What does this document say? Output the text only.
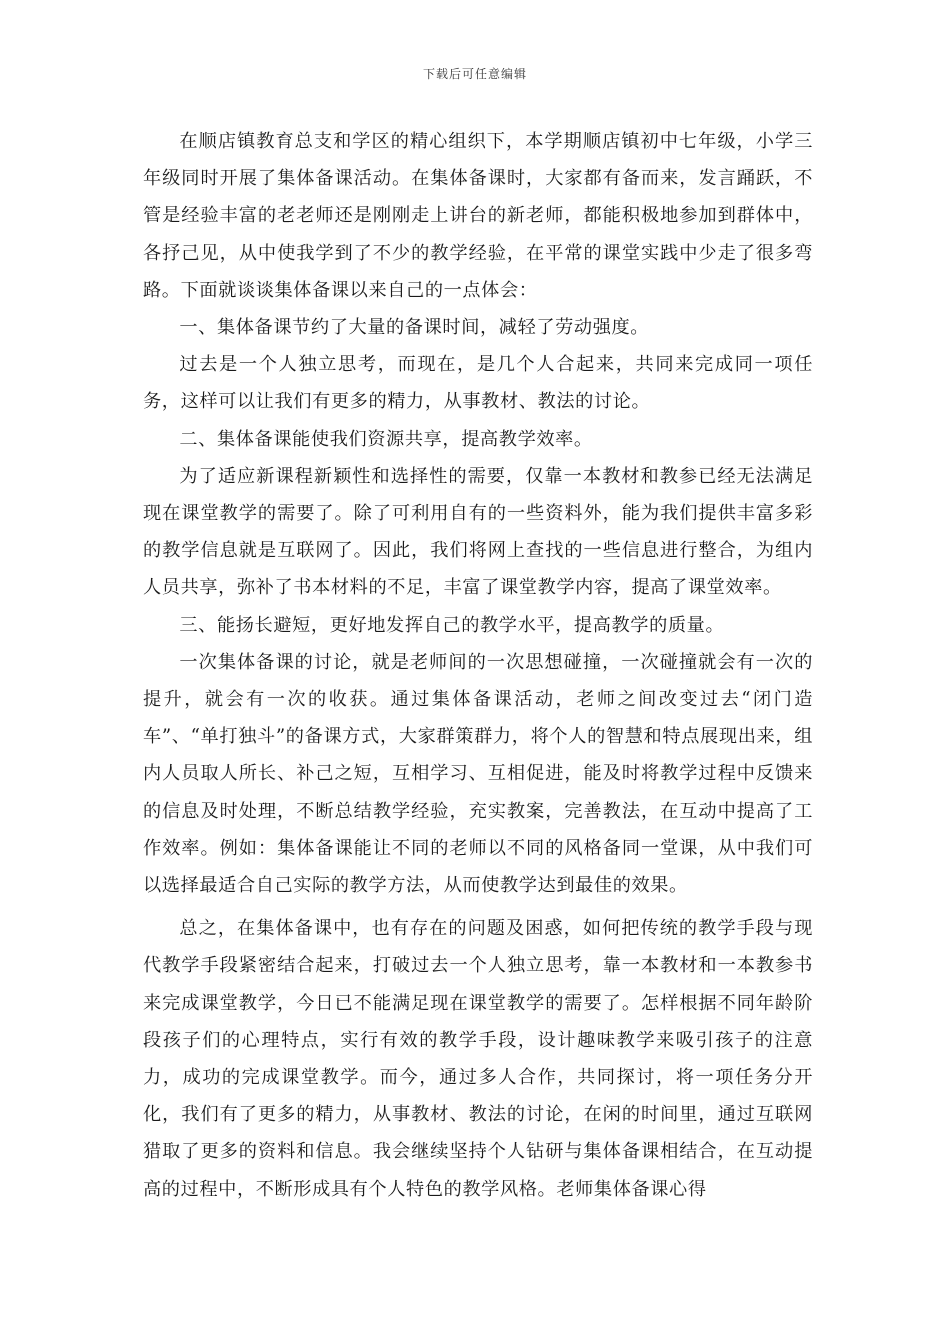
下载后可任意编辑

在顺店镇教育总支和学区的精心组织下，本学期顺店镇初中七年级，小学三年级同时开展了集体备课活动。在集体备课时，大家都有备而来，发言踊跃，不管是经验丰富的老老师还是刚刚走上讲台的新老师，都能积极地参加到群体中，各抒己见，从中使我学到了不少的教学经验，在平常的课堂实践中少走了很多弯路。下面就谈谈集体备课以来自己的一点体会：

一、集体备课节约了大量的备课时间，减轻了劳动强度。

过去是一个人独立思考，而现在，是几个人合起来，共同来完成同一项任务，这样可以让我们有更多的精力，从事教材、教法的讨论。

二、集体备课能使我们资源共享，提高教学效率。

为了适应新课程新颖性和选择性的需要，仅靠一本教材和教参已经无法满足现在课堂教学的需要了。除了可利用自有的一些资料外，能为我们提供丰富多彩的教学信息就是互联网了。因此，我们将网上查找的一些信息进行整合，为组内人员共享，弥补了书本材料的不足，丰富了课堂教学内容，提高了课堂效率。

三、能扬长避短，更好地发挥自己的教学水平，提高教学的质量。

一次集体备课的讨论，就是老师间的一次思想碰撞，一次碰撞就会有一次的提升，就会有一次的收获。通过集体备课活动，老师之间改变过去“闭门造车”、“单打独斗”的备课方式，大家群策群力，将个人的智慧和特点展现出来，组内人员取人所长、补己之短，互相学习、互相促进，能及时将教学过程中反馈来的信息及时处理，不断总结教学经验，充实教案，完善教法，在互动中提高了工作效率。例如：集体备课能让不同的老师以不同的风格备同一堂课，从中我们可以选择最适合自己实际的教学方法，从而使教学达到最佳的效果。

总之，在集体备课中，也有存在的问题及困惑，如何把传统的教学手段与现代教学手段紧密结合起来，打破过去一个人独立思考，靠一本教材和一本教参书来完成课堂教学，今日已不能满足现在课堂教学的需要了。怎样根据不同年龄阶段孩子们的心理特点，实行有效的教学手段，设计趣味教学来吸引孩子的注意力，成功的完成课堂教学。而今，通过多人合作，共同探讨，将一项任务分开化，我们有了更多的精力，从事教材、教法的讨论，在闲的时间里，通过互联网猎取了更多的资料和信息。我会继续坚持个人钻研与集体备课相结合，在互动提高的过程中，不断形成具有个人特色的教学风格。老师集体备课心得
